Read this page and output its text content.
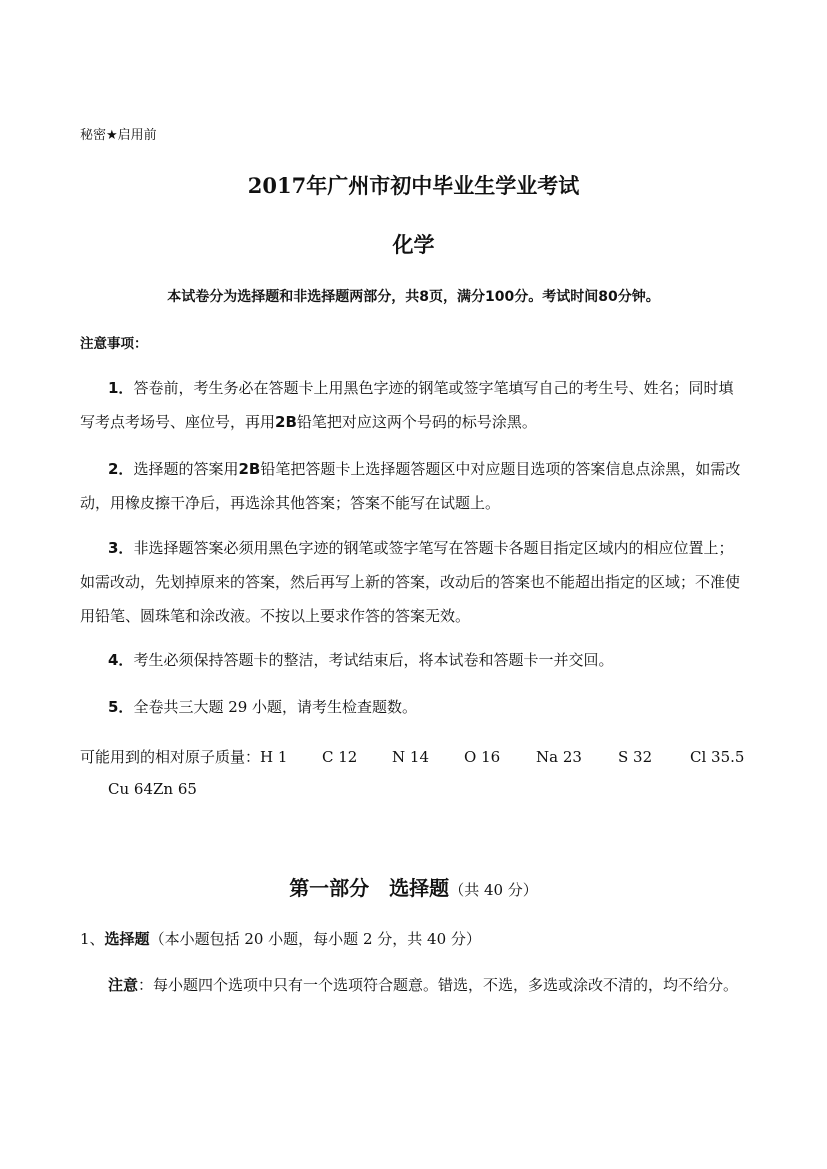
秘密★启用前
2017年广州市初中毕业生学业考试
化学
本试卷分为选择题和非选择题两部分，共8页，满分100分。考试时间80分钟。
注意事项：
1．答卷前，考生务必在答题卡上用黑色字迹的钢笔或签字笔填写自己的考生号、姓名；同时填写考点考场号、座位号，再用2B铅笔把对应这两个号码的标号涂黑。
2．选择题的答案用2B铅笔把答题卡上选择题答题区中对应题目选项的答案信息点涂黑，如需改动，用橡皮擦干净后，再选涂其他答案；答案不能写在试题上。
3．非选择题答案必须用黑色字迹的钢笔或签字笔写在答题卡各题目指定区域内的相应位置上；如需改动，先划掉原来的答案，然后再写上新的答案，改动后的答案也不能超出指定的区域；不准使用铅笔、圆珠笔和涂改液。不按以上要求作答的答案无效。
4．考生必须保持答题卡的整洁，考试结束后，将本试卷和答题卡一并交回。
5．全卷共三大题 29 小题，请考生检查题数。
可能用到的相对原子质量：H 1 C 12 N 14 O 16 Na 23 S 32	Cl 35.5
Cu 64Zn 65
第一部分　选择题（共 40 分）
1、选择题（本小题包括 20 小题，每小题 2 分，共 40 分）
注意：每小题四个选项中只有一个选项符合题意。错选，不选，多选或涂改不清的，均不给分。
